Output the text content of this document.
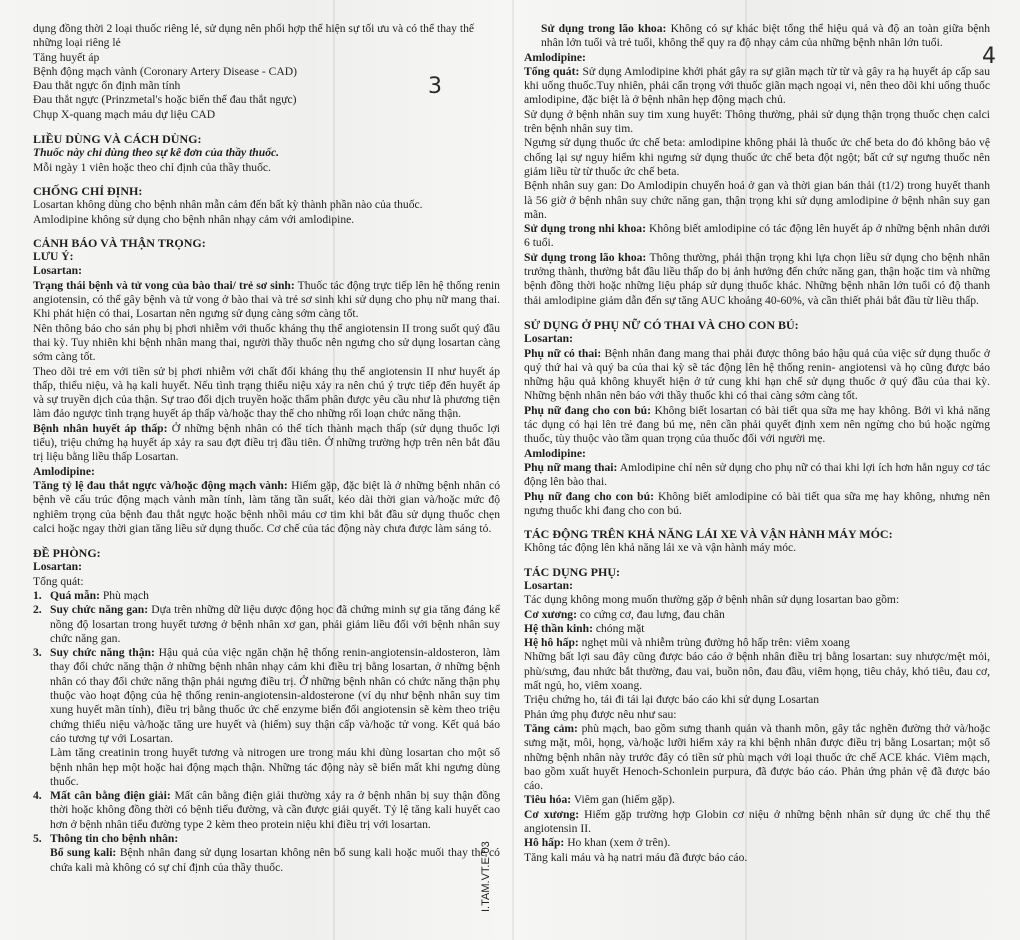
3
4
I.TAM.VT.E-03

dụng đồng thời 2 loại thuốc riêng lẻ, sử dụng nên phối hợp thể hiện sự tối ưu và có thể thay thế

những loại riêng lẻ

Tăng huyết áp

Bệnh động mạch vành (Coronary Artery Disease - CAD)

Đau thắt ngực ổn định mãn tính

Đau thắt ngực (Prinzmetal's hoặc biến thể đau thắt ngực)

Chụp X-quang mạch máu dự liệu CAD

LIỀU DÙNG VÀ CÁCH DÙNG:

Thuốc này chỉ dùng theo sự kê đơn của thầy thuốc.

Mỗi ngày 1 viên hoặc theo chỉ định của thầy thuốc.

CHỐNG CHỈ ĐỊNH:

Losartan không dùng cho bệnh nhân mẫn cảm đến bất kỳ thành phần nào của thuốc.

Amlodipine không sử dụng cho bệnh nhân nhạy cảm với amlodipine.

CẢNH BÁO VÀ THẬN TRỌNG:

LƯU Ý:

Losartan:

Trạng thái bệnh và tử vong của bào thai/ trẻ sơ sinh: Thuốc tác động trực tiếp lên hệ thống renin angiotensin, có thể gây bệnh và tử vong ở bào thai và trẻ sơ sinh khi sử dụng cho phụ nữ mang thai. Khi phát hiện có thai, Losartan nên ngưng sử dụng càng sớm càng tốt.

Nên thông báo cho sản phụ bị phơi nhiễm với thuốc kháng thụ thể angiotensin II trong suốt quý đầu thai kỳ. Tuy nhiên khi bệnh nhân mang thai, người thầy thuốc nên ngưng cho sử dụng losartan càng sớm càng tốt.

Theo dõi trẻ em với tiền sử bị phơi nhiễm với chất đối kháng thụ thể angiotensin II như huyết áp thấp, thiểu niệu, và hạ kali huyết. Nếu tình trạng thiểu niệu xảy ra nên chú ý trực tiếp đến huyết áp và sự truyền dịch của thận. Sự trao đổi dịch truyền hoặc thẩm phân được yêu cầu như là phương tiện làm đảo ngược tình trạng huyết áp thấp và/hoặc thay thế cho những rối loạn chức năng thận.

Bệnh nhân huyết áp thấp: Ở những bệnh nhân có thể tích thành mạch thấp (sử dụng thuốc lợi tiểu), triệu chứng hạ huyết áp xảy ra sau đợt điều trị đầu tiên. Ở những trường hợp trên nên bắt đầu trị liệu bằng liều thấp Losartan.

Amlodipine:

Tăng tỷ lệ đau thắt ngực và/hoặc động mạch vành: Hiếm gặp, đặc biệt là ở những bệnh nhân có bệnh về cấu trúc động mạch vành mãn tính, làm tăng tần suất, kéo dài thời gian và/hoặc mức độ nghiêm trọng của bệnh đau thắt ngực hoặc bệnh nhồi máu cơ tim khi bắt đầu sử dụng thuốc chẹn calci hoặc ngay thời gian tăng liều sử dụng thuốc. Cơ chế của tác động này chưa được làm sáng tỏ.

ĐỀ PHÒNG:

Losartan:

Tổng quát:

1. Quá mẫn: Phù mạch

2. Suy chức năng gan: Dựa trên những dữ liệu dược động học đã chứng minh sự gia tăng đáng kể nồng độ losartan trong huyết tương ở bệnh nhân xơ gan, phải giảm liều đối với bệnh nhân suy chức năng gan.

3. Suy chức năng thận: Hậu quả của việc ngăn chặn hệ thống renin-angiotensin-aldosteron, làm thay đổi chức năng thận ở những bệnh nhân nhạy cảm khi điều trị bằng losartan, ở những bệnh nhân có thay đổi chức năng thận phải ngưng điều trị. Ở những bệnh nhân có chức năng thận phụ thuộc vào hoạt động của hệ thống renin-angiotensin-aldosterone (ví dụ như bệnh nhân suy tim xung huyết mãn tính), điều trị bằng thuốc ức chế enzyme biến đổi angiotensin sẽ kèm theo triệu chứng thiểu niệu và/hoặc tăng ure huyết và (hiếm) suy thận cấp và/hoặc tử vong. Kết quả báo cáo tương tự với Losartan.

Làm tăng creatinin trong huyết tương và nitrogen ure trong máu khi dùng losartan cho một số bệnh nhân hẹp một hoặc hai động mạch thận. Những tác động này sẽ biến mất khi ngưng dùng thuốc.

4. Mất cân bằng điện giải: Mất cân bằng điện giải thường xảy ra ở bệnh nhân bị suy thận đồng thời hoặc không đồng thời có bệnh tiểu đường, và cần được giải quyết. Tỷ lệ tăng kali huyết cao hơn ở bệnh nhân tiểu đường type 2 kèm theo protein niệu khi điều trị với losartan.

5. Thông tin cho bệnh nhân:

Bổ sung kali: Bệnh nhân đang sử dụng losartan không nên bổ sung kali hoặc muối thay thế có chứa kali mà không có sự chỉ định của thầy thuốc.

Sử dụng trong lão khoa: Không có sự khác biệt tổng thể hiệu quả và độ an toàn giữa bệnh nhân lớn tuổi và trẻ tuổi, không thể quy ra độ nhạy cảm của những bệnh nhân lớn tuổi.

Amlodipine:

Tổng quát: Sử dụng Amlodipine khởi phát gây ra sự giãn mạch từ từ và gây ra hạ huyết áp cấp sau khi uống thuốc.Tuy nhiên, phải cẩn trọng với thuốc giãn mạch ngoại vi, nên theo dõi khi uống thuốc amlodipine, đặc biệt là ở bệnh nhân hẹp động mạch chủ.

Sử dụng ở bệnh nhân suy tim xung huyết: Thông thường, phải sử dụng thận trọng thuốc chẹn calci trên bệnh nhân suy tim.

Ngưng sử dụng thuốc ức chế beta: amlodipine không phải là thuốc ức chế beta do đó không bảo vệ chống lại sự nguy hiểm khi ngưng sử dụng thuốc ức chế beta đột ngột; bất cứ sự ngưng thuốc nên giảm liều từ từ thuốc ức chế beta.

Bệnh nhân suy gan: Do Amlodipin chuyển hoá ở gan và thời gian bán thải (t1/2) trong huyết thanh là 56 giờ ở bệnh nhân suy chức năng gan, thận trọng khi sử dụng amlodipine ở bệnh nhân suy gan mãn.

Sử dụng trong nhi khoa: Không biết amlodipine có tác động lên huyết áp ở những bệnh nhân dưới 6 tuổi.

Sử dụng trong lão khoa: Thông thường, phải thận trọng khi lựa chọn liều sử dụng cho bệnh nhân trưởng thành, thường bắt đầu liều thấp do bị ảnh hưởng đến chức năng gan, thận hoặc tim và những bệnh đồng thời hoặc những liệu pháp sử dụng thuốc khác. Những bệnh nhân lớn tuổi có độ thanh thải amlodipine giảm dẫn đến sự tăng AUC khoảng 40-60%, và cần thiết phải bắt đầu từ liều thấp.

SỬ DỤNG Ở PHỤ NỮ CÓ THAI VÀ CHO CON BÚ:

Losartan:

Phụ nữ có thai: Bệnh nhân đang mang thai phải được thông báo hậu quả của việc sử dụng thuốc ở quý thứ hai và quý ba của thai kỳ sẽ tác động lên hệ thống renin- angiotensi và họ cũng được báo những hậu quả không khuyết hiện ở tử cung khi hạn chế sử dụng thuốc ở quý đầu của thai kỳ. Những bệnh nhân nên báo với thầy thuốc khi có thai càng sớm càng tốt.

Phụ nữ đang cho con bú: Không biết losartan có bài tiết qua sữa mẹ hay không. Bởi vì khả năng tác dụng có hại lên trẻ đang bú mẹ, nên cần phải quyết định xem nên ngừng cho bú hoặc ngừng thuốc, tùy thuộc vào tầm quan trọng của thuốc đối với người mẹ.

Amlodipine:

Phụ nữ mang thai: Amlodipine chỉ nên sử dụng cho phụ nữ có thai khi lợi ích hơn hẳn nguy cơ tác động lên bào thai.

Phụ nữ đang cho con bú: Không biết amlodipine có bài tiết qua sữa mẹ hay không, nhưng nên ngưng thuốc khi đang cho con bú.

TÁC ĐỘNG TRÊN KHẢ NĂNG LÁI XE VÀ VẬN HÀNH MÁY MÓC:

Không tác động lên khả năng lái xe và vận hành máy móc.

TÁC DỤNG PHỤ:

Losartan:

Tác dụng không mong muốn thường gặp ở bệnh nhân sử dụng losartan bao gồm:

Cơ xương: co cứng cơ, đau lưng, đau chân

Hệ thần kinh: chóng mặt

Hệ hô hấp: nghẹt mũi và nhiễm trùng đường hô hấp trên: viêm xoang

Những bất lợi sau đây cũng được báo cáo ở bệnh nhân điều trị bằng losartan: suy nhược/mệt mỏi, phù/sưng, đau nhức bắt thường, đau vai, buồn nôn, đau đầu, viêm họng, tiêu chảy, khó tiêu, đau cơ, mất ngủ, ho, viêm xoang.

Triệu chứng ho, tái đi tái lại được báo cáo khi sử dụng Losartan

Phản ứng phụ được nêu như sau:

Tăng cảm: phù mạch, bao gồm sưng thanh quản và thanh môn, gây tắc nghẽn đường thở và/hoặc sưng mặt, môi, họng, và/hoặc lưỡi hiếm xảy ra khi bệnh nhân được điều trị bằng Losartan; một số những bệnh nhân này trước đây có tiền sử phù mạch với loại thuốc ức chế ACE khác. Viêm mạch, bao gồm xuất huyết Henoch-Schonlein purpura, đã được báo cáo. Phản ứng phản vệ đã được báo cáo.

Tiêu hóa: Viêm gan (hiếm gặp).

Cơ xương: Hiếm gặp trường hợp Globin cơ niệu ở những bệnh nhân sử dụng ức chế thụ thể angiotensin II.

Hô hấp: Ho khan (xem ở trên).

Tăng kali máu và hạ natri máu đã được báo cáo.
